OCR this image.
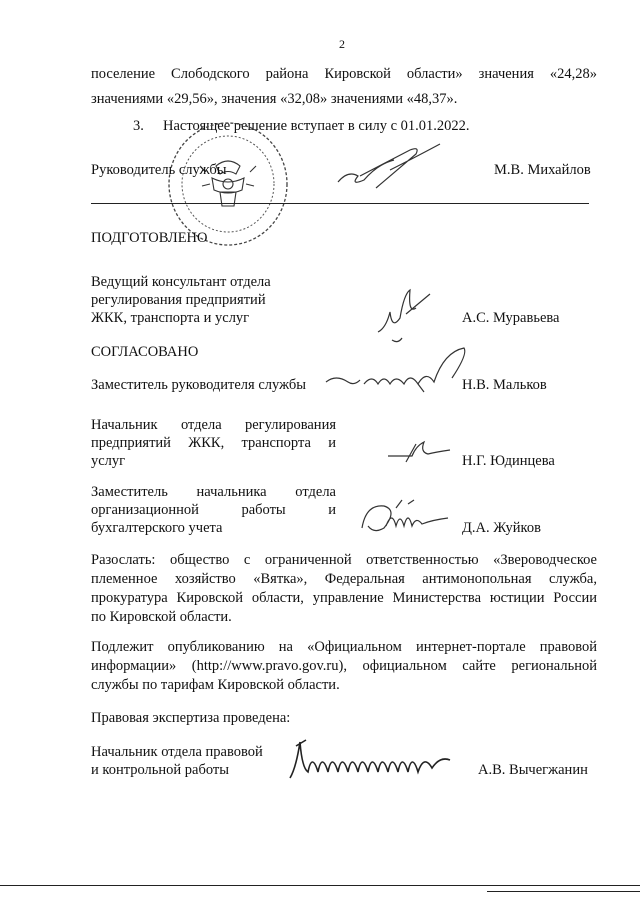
2
поселение Слободского района Кировской области» значения «24,28»
значениями «29,56», значения «32,08» значениями «48,37».
3. Настоящее решение вступает в силу с 01.01.2022.
Руководитель службы	М.В. Михайлов
ПОДГОТОВЛЕНО
Ведущий консультант отдела
регулирования предприятий
ЖКК, транспорта и услуг	А.С. Муравьева
СОГЛАСОВАНО
Заместитель руководителя службы	Н.В. Мальков
Начальник отдела регулирования
предприятий ЖКК, транспорта и
услуг	Н.Г. Юдинцева
Заместитель начальника отдела
организационной работы и
бухгалтерского учета	Д.А. Жуйков
Разослать: общество с ограниченной ответственностью «Звероводческое
племенное хозяйство «Вятка», Федеральная антимонопольная служба,
прокуратура Кировской области, управление Министерства юстиции России
по Кировской области.
Подлежит опубликованию на «Официальном интернет-портале правовой
информации» (http://www.pravo.gov.ru), официальном сайте региональной
службы по тарифам Кировской области.
Правовая экспертиза проведена:
Начальник отдела правовой
и контрольной работы	А.В. Вычегжанин
